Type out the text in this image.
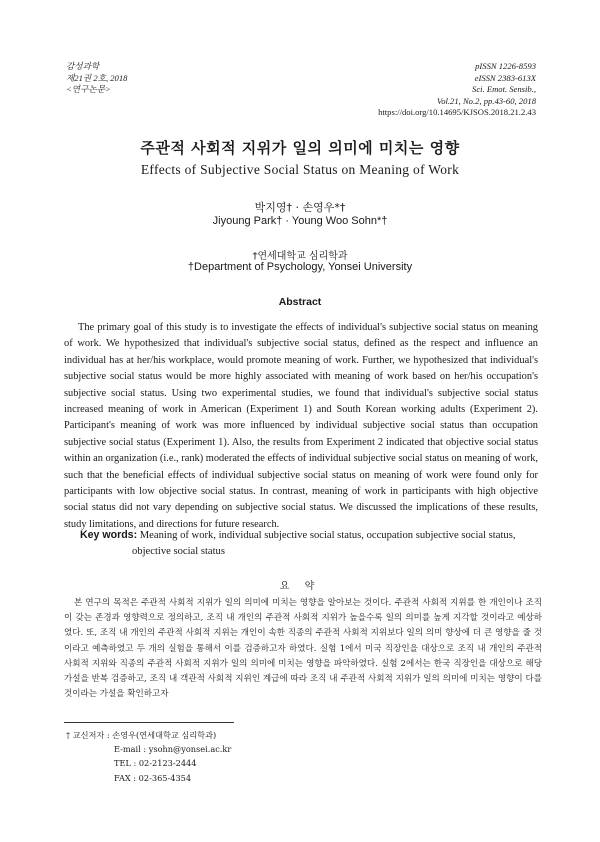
감성과학
제21권 2호, 2018
<연구논문>
pISSN 1226-8593
eISSN 2383-613X
Sci. Emot. Sensib.,
Vol.21, No.2, pp.43-60, 2018
https://doi.org/10.14695/KJSOS.2018.21.2.43
주관적 사회적 지위가 일의 의미에 미치는 영향
Effects of Subjective Social Status on Meaning of Work
박지영† · 손영우*†
Jiyoung Park† · Young Woo Sohn*†
†연세대학교 심리학과
†Department of Psychology, Yonsei University
Abstract

The primary goal of this study is to investigate the effects of individual's subjective social status on meaning of work. We hypothesized that individual's subjective social status, defined as the respect and influence an individual has at her/his workplace, would promote meaning of work. Further, we hypothesized that individual's subjective social status would be more highly associated with meaning of work based on her/his occupation's subjective social status. Using two experimental studies, we found that individual's subjective social status increased meaning of work in American (Experiment 1) and South Korean working adults (Experiment 2). Participant's meaning of work was more influenced by individual subjective social status than occupation subjective social status (Experiment 1). Also, the results from Experiment 2 indicated that objective social status within an organization (i.e., rank) moderated the effects of individual subjective social status on meaning of work, such that the beneficial effects of individual subjective social status on meaning of work were found only for participants with low objective social status. In contrast, meaning of work in participants with high objective social status did not vary depending on subjective social status. We discussed the implications of these results, study limitations, and directions for future research.

Key words: Meaning of work, individual subjective social status, occupation subjective social status,
objective social status
요 약

본 연구의 목적은 주관적 사회적 지위가 일의 의미에 미치는 영향을 알아보는 것이다. 주관적 사회적 지위를 한 개인이나 조직이 갖는 존경과 영향력으로 정의하고, 조직 내 개인의 주관적 사회적 지위가 높을수록 일의 의미를 높게 지각할 것이라고 예상하였다. 또, 조직 내 개인의 주관적 사회적 지위는 개인이 속한 직종의 주관적 사회적 지위보다 일의 의미 향상에 더 큰 영향을 줄 것이라고 예측하였고 두 개의 실험을 통해서 이를 검증하고자 하였다. 실험 1에서 미국 직장인을 대상으로 조직 내 개인의 주관적 사회적 지위와 직종의 주관적 사회적 지위가 일의 의미에 미치는 영향을 파악하였다. 실험 2에서는 한국 직장인을 대상으로 해당 가설을 반복 검증하고, 조직 내 객관적 사회적 지위인 계급에 따라 조직 내 주관적 사회적 지위가 일의 의미에 미치는 영향이 다를 것이라는 가설을 확인하고자

† 교신저자 : 손영우(연세대학교 심리학과)
E-mail : ysohn@yonsei.ac.kr
TEL : 02-2123-2444
FAX : 02-365-4354
